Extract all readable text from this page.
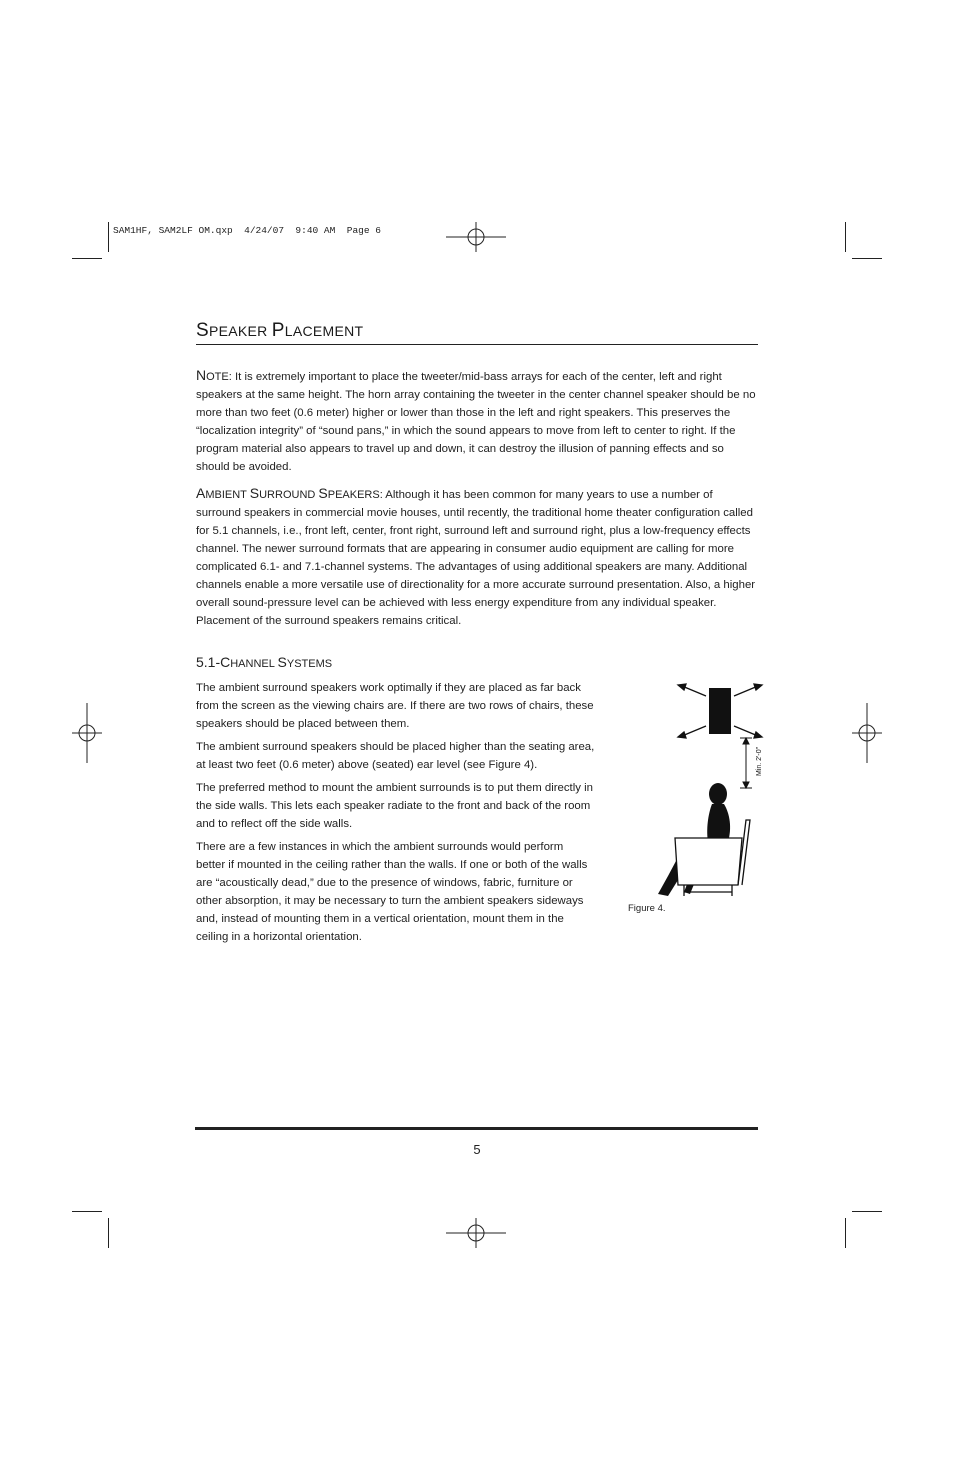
SAM1HF, SAM2LF OM.qxp  4/24/07  9:40 AM  Page 6
SPEAKER PLACEMENT
NOTE: It is extremely important to place the tweeter/mid-bass arrays for each of the center, left and right speakers at the same height. The horn array containing the tweeter in the center channel speaker should be no more than two feet (0.6 meter) higher or lower than those in the left and right speakers. This preserves the “localization integrity” of “sound pans,” in which the sound appears to move from left to center to right. If the program material also appears to travel up and down, it can destroy the illusion of panning effects and so should be avoided.
AMBIENT SURROUND SPEAKERS: Although it has been common for many years to use a number of surround speakers in commercial movie houses, until recently, the traditional home theater configuration called for 5.1 channels, i.e., front left, center, front right, surround left and surround right, plus a low-frequency effects channel. The newer surround formats that are appearing in consumer audio equipment are calling for more complicated 6.1- and 7.1-channel systems. The advantages of using additional speakers are many. Additional channels enable a more versatile use of directionality for a more accurate surround presentation. Also, a higher overall sound-pressure level can be achieved with less energy expenditure from any individual speaker. Placement of the surround speakers remains critical.
5.1-CHANNEL SYSTEMS

The ambient surround speakers work optimally if they are placed as far back from the screen as the viewing chairs are. If there are two rows of chairs, these speakers should be placed between them.

The ambient surround speakers should be placed higher than the seating area, at least two feet (0.6 meter) above (seated) ear level (see Figure 4).

The preferred method to mount the ambient surrounds is to put them directly in the side walls. This lets each speaker radiate to the front and back of the room and to reflect off the side walls.

There are a few instances in which the ambient surrounds would perform better if mounted in the ceiling rather than the walls. If one or both of the walls are “acoustically dead,” due to the presence of windows, fabric, furniture or other absorption, it may be necessary to turn the ambient speakers sideways and, instead of mounting them in a vertical orientation, mount them in the ceiling in a horizontal orientation.

Min. 2'-0"
Figure 4.
5
